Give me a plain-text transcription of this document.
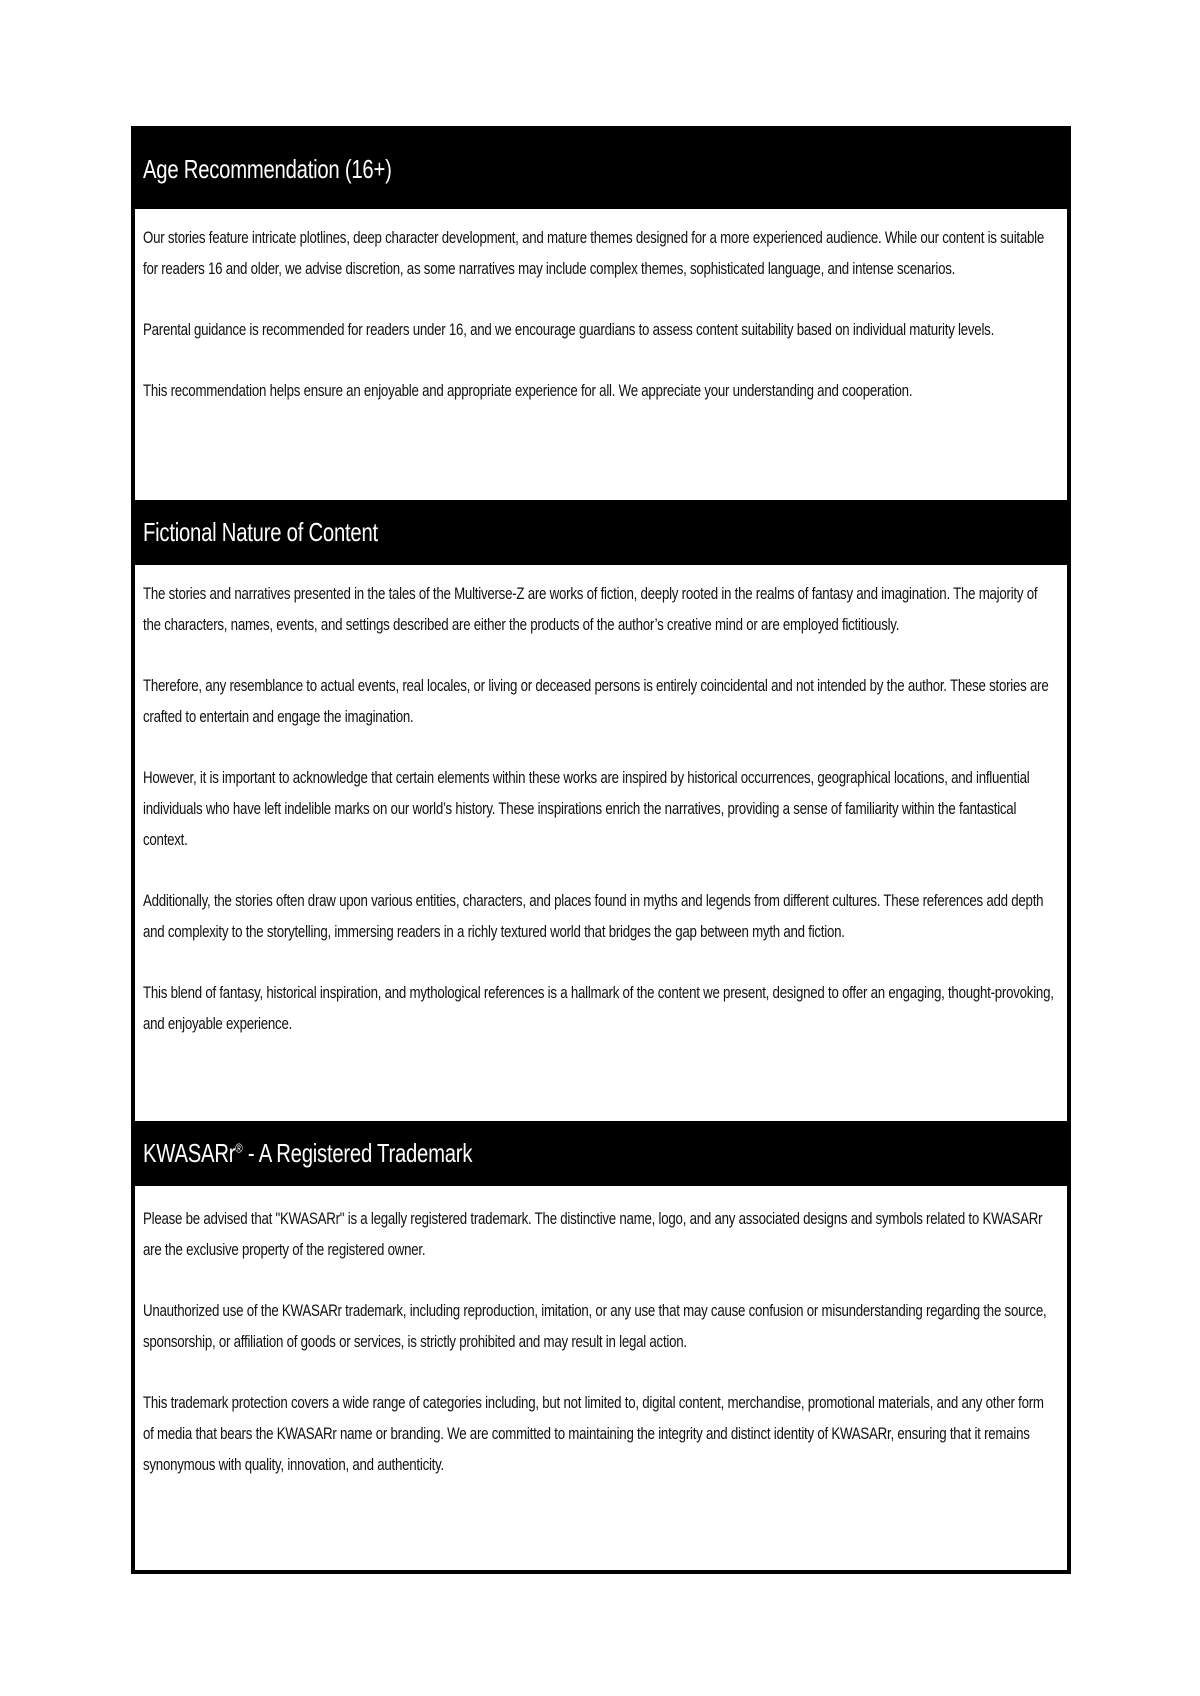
Age Recommendation (16+)

Our stories feature intricate plotlines, deep character development, and mature themes designed for a more experienced audience. While our content is suitable for readers 16 and older, we advise discretion, as some narratives may include complex themes, sophisticated language, and intense scenarios.

Parental guidance is recommended for readers under 16, and we encourage guardians to assess content suitability based on individual maturity levels.

This recommendation helps ensure an enjoyable and appropriate experience for all. We appreciate your understanding and cooperation.

Fictional Nature of Content

The stories and narratives presented in the tales of the Multiverse-Z are works of fiction, deeply rooted in the realms of fantasy and imagination. The majority of the characters, names, events, and settings described are either the products of the author’s creative mind or are employed fictitiously.

Therefore, any resemblance to actual events, real locales, or living or deceased persons is entirely coincidental and not intended by the author. These stories are crafted to entertain and engage the imagination.

However, it is important to acknowledge that certain elements within these works are inspired by historical occurrences, geographical locations, and influential individuals who have left indelible marks on our world’s history. These inspirations enrich the narratives, providing a sense of familiarity within the fantastical context.

Additionally, the stories often draw upon various entities, characters, and places found in myths and legends from different cultures. These references add depth and complexity to the storytelling, immersing readers in a richly textured world that bridges the gap between myth and fiction.

This blend of fantasy, historical inspiration, and mythological references is a hallmark of the content we present, designed to offer an engaging, thought-provoking, and enjoyable experience.

KWASARr® - A Registered Trademark

Please be advised that "KWASARr" is a legally registered trademark. The distinctive name, logo, and any associated designs and symbols related to KWASARr are the exclusive property of the registered owner.

Unauthorized use of the KWASARr trademark, including reproduction, imitation, or any use that may cause confusion or misunderstanding regarding the source, sponsorship, or affiliation of goods or services, is strictly prohibited and may result in legal action.

This trademark protection covers a wide range of categories including, but not limited to, digital content, merchandise, promotional materials, and any other form of media that bears the KWASARr name or branding. We are committed to maintaining the integrity and distinct identity of KWASARr, ensuring that it remains synonymous with quality, innovation, and authenticity.
